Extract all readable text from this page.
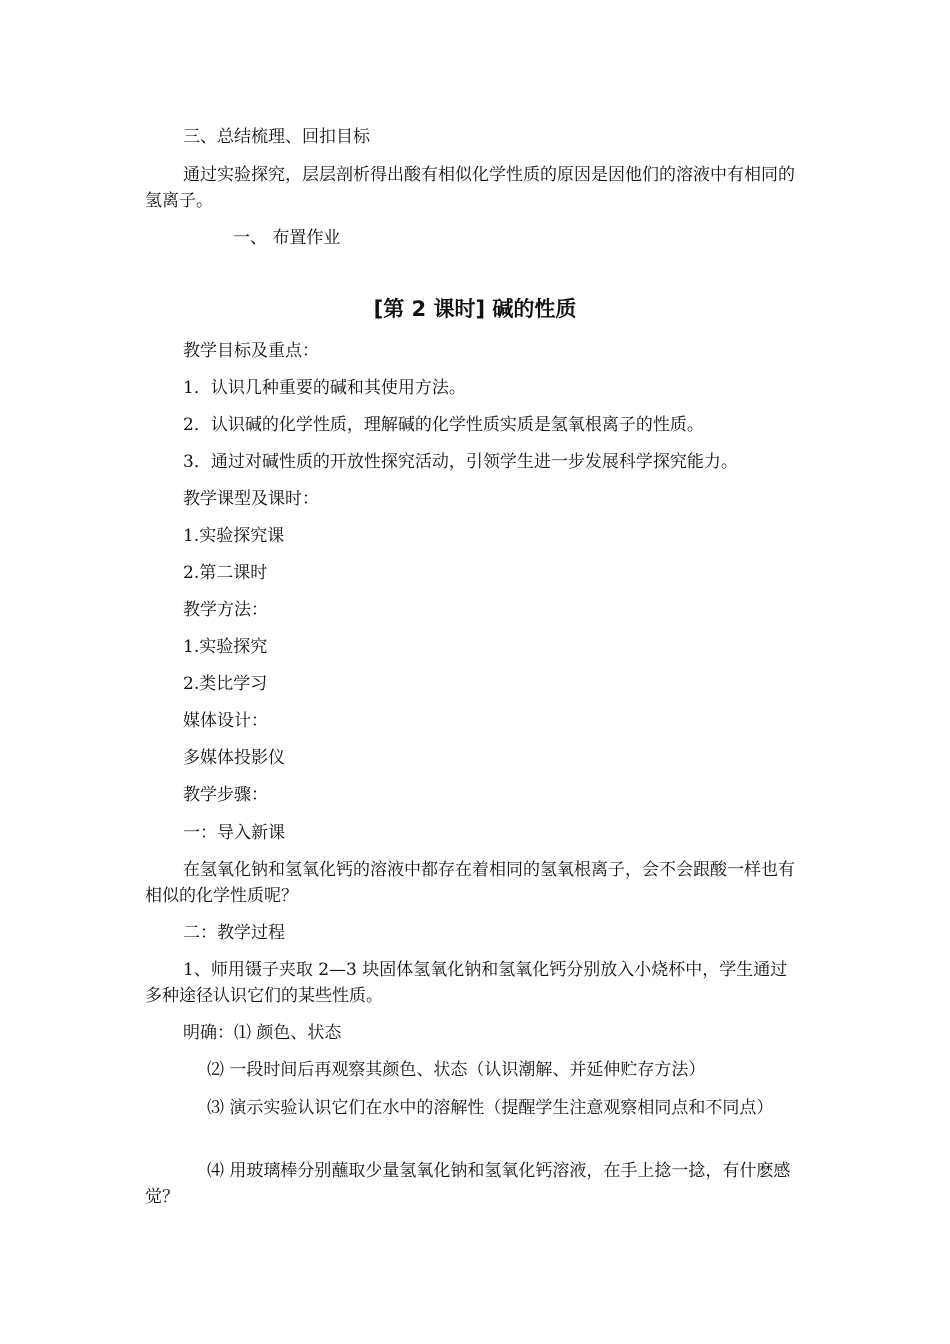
三、总结梳理、回扣目标

通过实验探究，层层剖析得出酸有相似化学性质的原因是因他们的溶液中有相同的氢离子。

一、 布置作业

[第 2 课时] 碱的性质

教学目标及重点：

1．认识几种重要的碱和其使用方法。

2．认识碱的化学性质，理解碱的化学性质实质是氢氧根离子的性质。

3．通过对碱性质的开放性探究活动，引领学生进一步发展科学探究能力。

教学课型及课时：

1.实验探究课

2.第二课时

教学方法：

1.实验探究

2.类比学习

媒体设计：

多媒体投影仪

教学步骤：

一：导入新课

在氢氧化钠和氢氧化钙的溶液中都存在着相同的氢氧根离子，会不会跟酸一样也有相似的化学性质呢？

二：教学过程

1、师用镊子夹取 2—3 块固体氢氧化钠和氢氧化钙分别放入小烧杯中，学生通过多种途径认识它们的某些性质。

明确：⑴ 颜色、状态

⑵ 一段时间后再观察其颜色、状态（认识潮解、并延伸贮存方法）

⑶ 演示实验认识它们在水中的溶解性（提醒学生注意观察相同点和不同点）

⑷ 用玻璃棒分别蘸取少量氢氧化钠和氢氧化钙溶液，在手上捻一捻，有什麽感觉？
